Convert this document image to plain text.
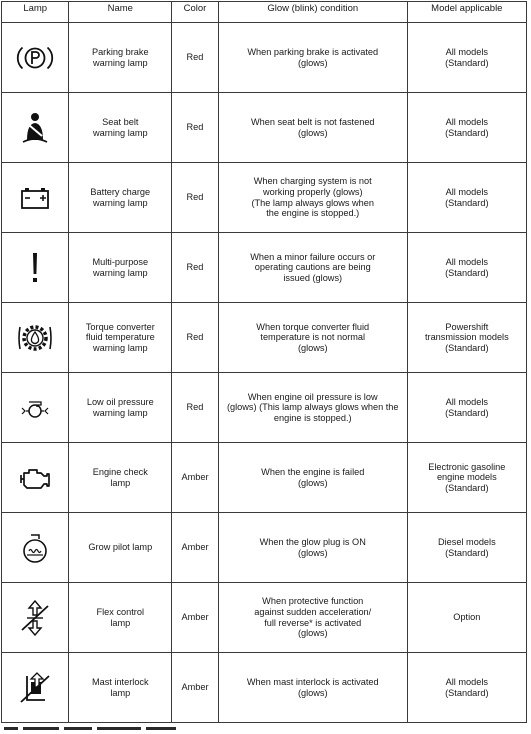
Lamp	Name	Color	Glow (blink) condition	Model applicable

Parking brake
warning lamp	Red	When parking brake is activated
(glows)	All models
(Standard)

Seat belt
warning lamp	Red	When seat belt is not fastened
(glows)	All models
(Standard)

Battery charge
warning lamp	Red	When charging system is not
working properly (glows)
(The lamp always glows when
the engine is stopped.)	All models
(Standard)

Multi-purpose
warning lamp	Red	When a minor failure occurs or
operating cautions are being
issued (glows)	All models
(Standard)

Torque converter
fluid temperature
warning lamp	Red	When torque converter fluid
temperature is not normal
(glows)	Powershift
transmission models
(Standard)

Low oil pressure
warning lamp	Red	When engine oil pressure is low
(glows) (This lamp always glows when the
engine is stopped.)	All models
(Standard)

Engine check
lamp	Amber	When the engine is failed
(glows)	Electronic gasoline
engine models
(Standard)

Grow pilot lamp	Amber	When the glow plug is ON
(glows)	Diesel models
(Standard)

Flex control
lamp	Amber	When protective function
against sudden acceleration/
full reverse* is activated
(glows)	Option

Mast interlock
lamp	Amber	When mast interlock is activated
(glows)	All models
(Standard)
